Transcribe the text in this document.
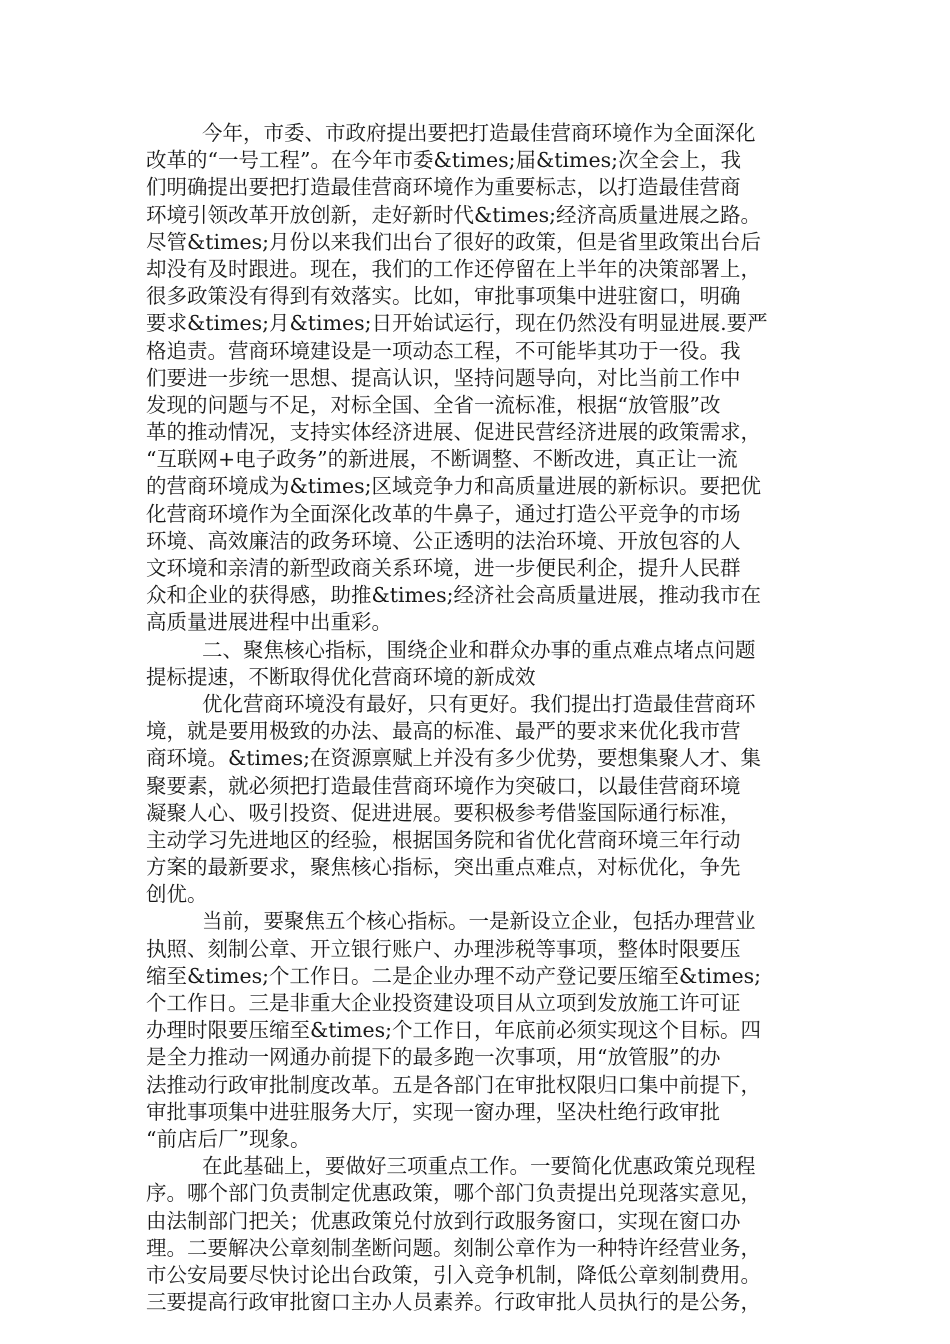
今年，市委、市政府提出要把打造最佳营商环境作为全面深化
改革的“一号工程”。在今年市委&times;届&times;次全会上，我
们明确提出要把打造最佳营商环境作为重要标志，以打造最佳营商
环境引领改革开放创新，走好新时代&times;经济高质量进展之路。
尽管&times;月份以来我们出台了很好的政策，但是省里政策出台后
却没有及时跟进。现在，我们的工作还停留在上半年的决策部署上，
很多政策没有得到有效落实。比如，审批事项集中进驻窗口，明确
要求&times;月&times;日开始试运行，现在仍然没有明显进展.要严
格追责。营商环境建设是一项动态工程，不可能毕其功于一役。我
们要进一步统一思想、提高认识，坚持问题导向，对比当前工作中
发现的问题与不足，对标全国、全省一流标准，根据“放管服”改
革的推动情况，支持实体经济进展、促进民营经济进展的政策需求，
“互联网+电子政务”的新进展，不断调整、不断改进，真正让一流
的营商环境成为&times;区域竞争力和高质量进展的新标识。要把优
化营商环境作为全面深化改革的牛鼻子，通过打造公平竞争的市场
环境、高效廉洁的政务环境、公正透明的法治环境、开放包容的人
文环境和亲清的新型政商关系环境，进一步便民利企，提升人民群
众和企业的获得感，助推&times;经济社会高质量进展，推动我市在
高质量进展进程中出重彩。
二、聚焦核心指标，围绕企业和群众办事的重点难点堵点问题
提标提速，不断取得优化营商环境的新成效
优化营商环境没有最好，只有更好。我们提出打造最佳营商环
境，就是要用极致的办法、最高的标准、最严的要求来优化我市营
商环境。&times;在资源禀赋上并没有多少优势，要想集聚人才、集
聚要素，就必须把打造最佳营商环境作为突破口，以最佳营商环境
凝聚人心、吸引投资、促进进展。要积极参考借鉴国际通行标准，
主动学习先进地区的经验，根据国务院和省优化营商环境三年行动
方案的最新要求，聚焦核心指标，突出重点难点，对标优化，争先
创优。
当前，要聚焦五个核心指标。一是新设立企业，包括办理营业
执照、刻制公章、开立银行账户、办理涉税等事项，整体时限要压
缩至&times;个工作日。二是企业办理不动产登记要压缩至&times;
个工作日。三是非重大企业投资建设项目从立项到发放施工许可证
办理时限要压缩至&times;个工作日，年底前必须实现这个目标。四
是全力推动一网通办前提下的最多跑一次事项，用“放管服”的办
法推动行政审批制度改革。五是各部门在审批权限归口集中前提下，
审批事项集中进驻服务大厅，实现一窗办理，坚决杜绝行政审批
“前店后厂”现象。
在此基础上，要做好三项重点工作。一要简化优惠政策兑现程
序。哪个部门负责制定优惠政策，哪个部门负责提出兑现落实意见，
由法制部门把关；优惠政策兑付放到行政服务窗口，实现在窗口办
理。二要解决公章刻制垄断问题。刻制公章作为一种特许经营业务，
市公安局要尽快讨论出台政策，引入竞争机制，降低公章刻制费用。
三要提高行政审批窗口主办人员素养。行政审批人员执行的是公务，
